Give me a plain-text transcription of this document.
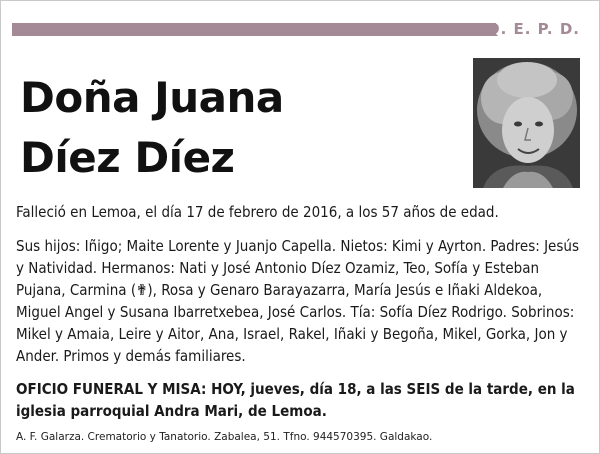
Q. E. P. D.
Doña Juana
Díez Díez
Falleció en Lemoa, el día 17 de febrero de 2016, a los 57 años de edad.
Sus hijos: Iñigo; Maite Lorente y Juanjo Capella. Nietos: Kimi y Ayrton. Padres: Jesús y Natividad. Hermanos: Nati y José Antonio Díez Ozamiz, Teo, Sofía y Esteban Pujana, Carmina (✟), Rosa y Genaro Barayazarra, María Jesús e Iñaki Aldekoa, Miguel Angel y Susana Ibarretxebea, José Carlos. Tía: Sofía Díez Rodrigo. Sobrinos: Mikel y Amaia, Leire y Aitor, Ana, Israel, Rakel, Iñaki y Begoña, Mikel, Gorka, Jon y Ander. Primos y demás familiares.
OFICIO FUNERAL Y MISA: HOY, jueves, día 18, a las SEIS de la tarde, en la iglesia parroquial Andra Mari, de Lemoa.
A. F. Galarza. Crematorio y Tanatorio. Zabalea, 51. Tfno. 944570395. Galdakao.
